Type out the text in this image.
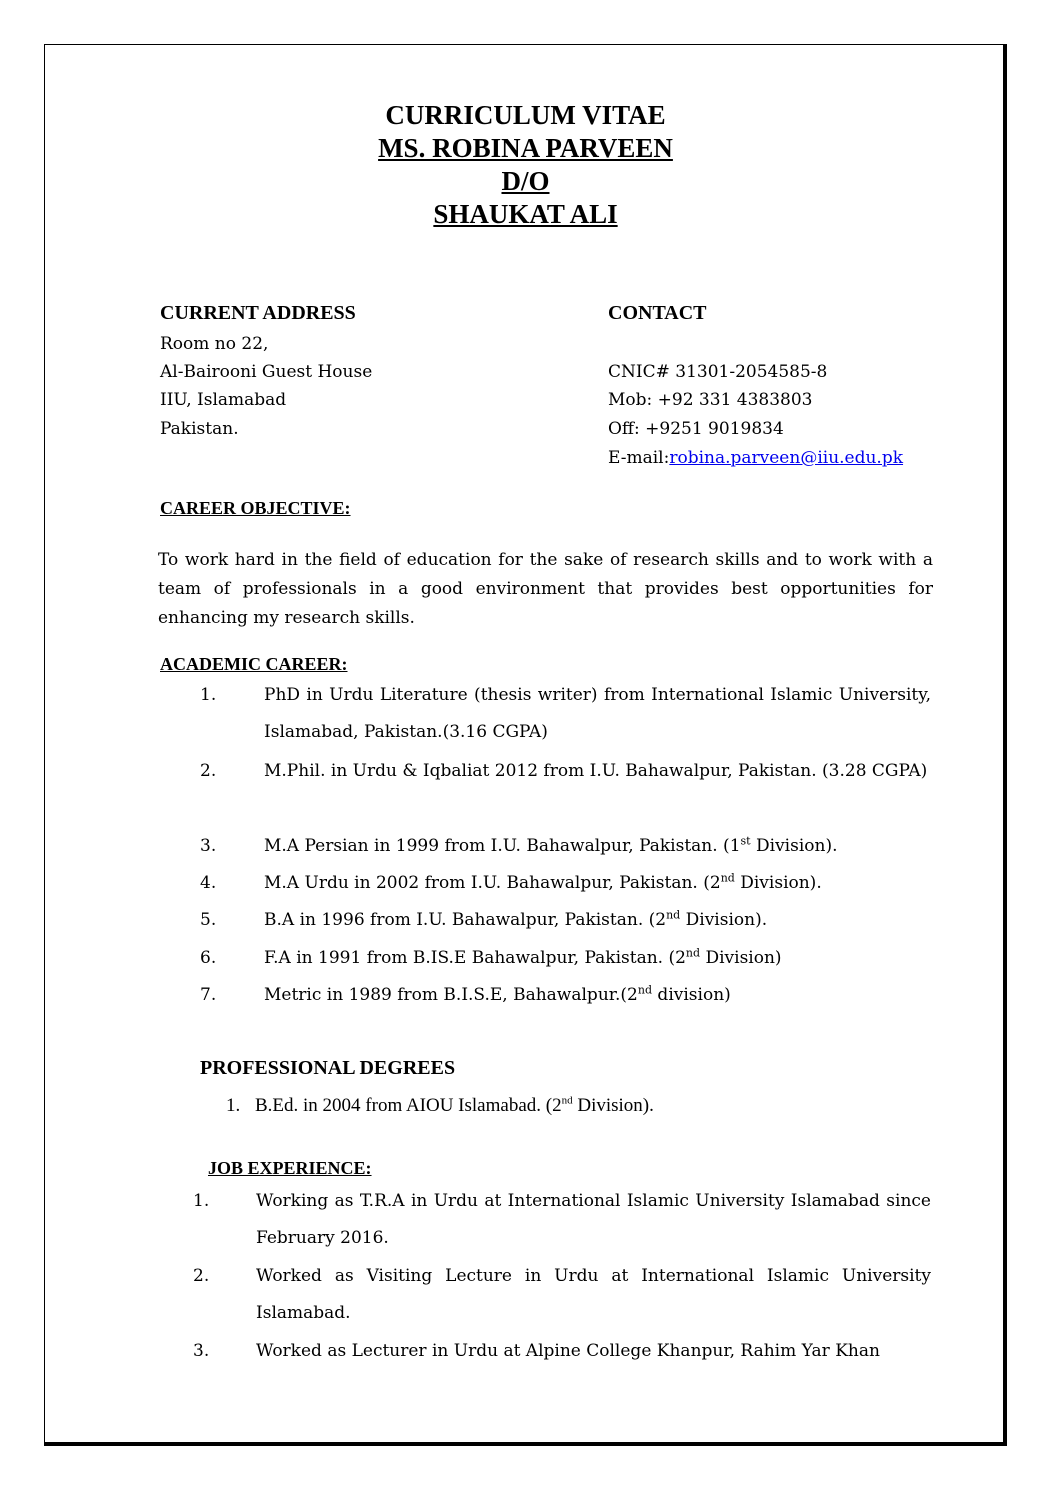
CURRICULUM VITAE
MS. ROBINA PARVEEN
D/O
SHAUKAT ALI
CURRENT ADDRESS
Room no 22,
Al-Bairooni Guest House
IIU, Islamabad
Pakistan.
CONTACT
CNIC# 31301-2054585-8
Mob: +92 331 4383803
Off: +9251 9019834
E-mail:robina.parveen@iiu.edu.pk
CAREER OBJECTIVE:
To work hard in the field of education for the sake of research skills and to work with a team of professionals in a good environment that provides best opportunities for enhancing my research skills.
ACADEMIC CAREER:
1.	PhD in Urdu Literature (thesis writer) from International Islamic University, Islamabad, Pakistan.(3.16 CGPA)
2.	M.Phil. in Urdu & Iqbaliat 2012 from I.U. Bahawalpur, Pakistan. (3.28 CGPA)
3.	M.A Persian in 1999 from I.U. Bahawalpur, Pakistan. (1st Division).
4.	M.A Urdu in 2002 from I.U. Bahawalpur, Pakistan. (2nd Division).
5.	B.A in 1996 from I.U. Bahawalpur, Pakistan. (2nd Division).
6.	F.A in 1991 from B.IS.E Bahawalpur, Pakistan. (2nd Division)
7.	Metric in 1989 from B.I.S.E, Bahawalpur.(2nd division)
PROFESSIONAL DEGREES
1. B.Ed. in 2004 from AIOU Islamabad. (2nd Division).
JOB EXPERIENCE:
1.	Working as T.R.A in Urdu at International Islamic University Islamabad since February 2016.
2.	Worked as Visiting Lecture in Urdu at International Islamic University Islamabad.
3.	Worked as Lecturer in Urdu at Alpine College Khanpur, Rahim Yar Khan
